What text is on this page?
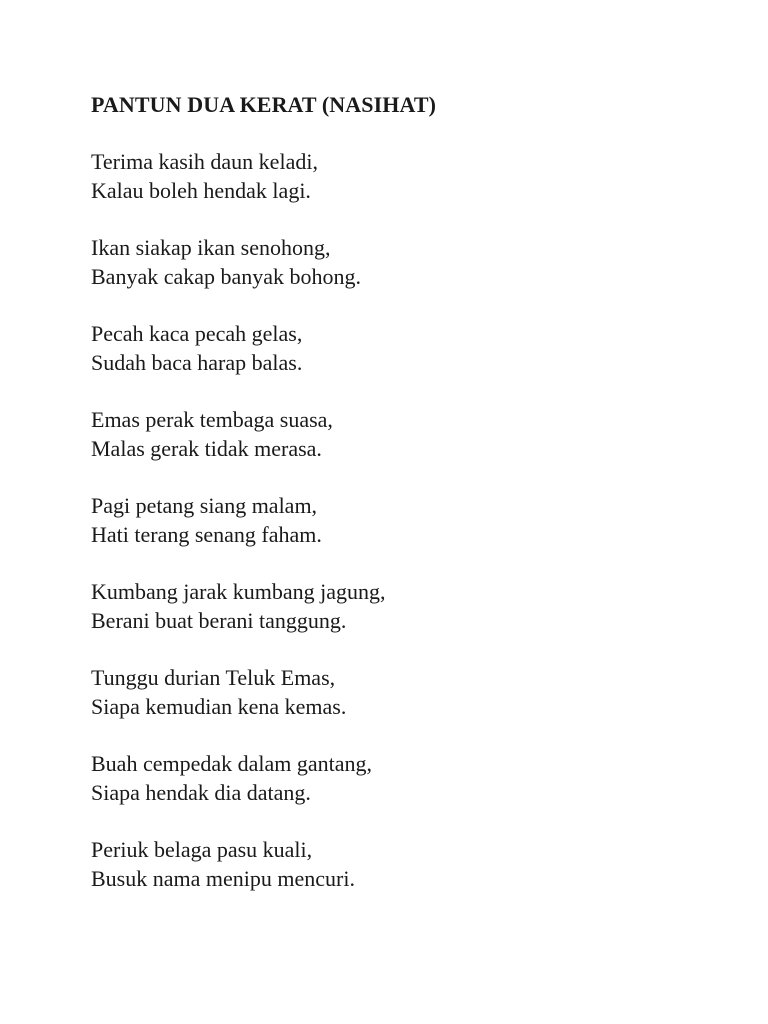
PANTUN DUA KERAT (NASIHAT)
Terima kasih daun keladi,
Kalau boleh hendak lagi.
Ikan siakap ikan senohong,
Banyak cakap banyak bohong.
Pecah kaca pecah gelas,
Sudah baca harap balas.
Emas perak tembaga suasa,
Malas gerak tidak merasa.
Pagi petang siang malam,
Hati terang senang faham.
Kumbang jarak kumbang jagung,
Berani buat berani tanggung.
Tunggu durian Teluk Emas,
Siapa kemudian kena kemas.
Buah cempedak dalam gantang,
Siapa hendak dia datang.
Periuk belaga pasu kuali,
Busuk nama menipu mencuri.
